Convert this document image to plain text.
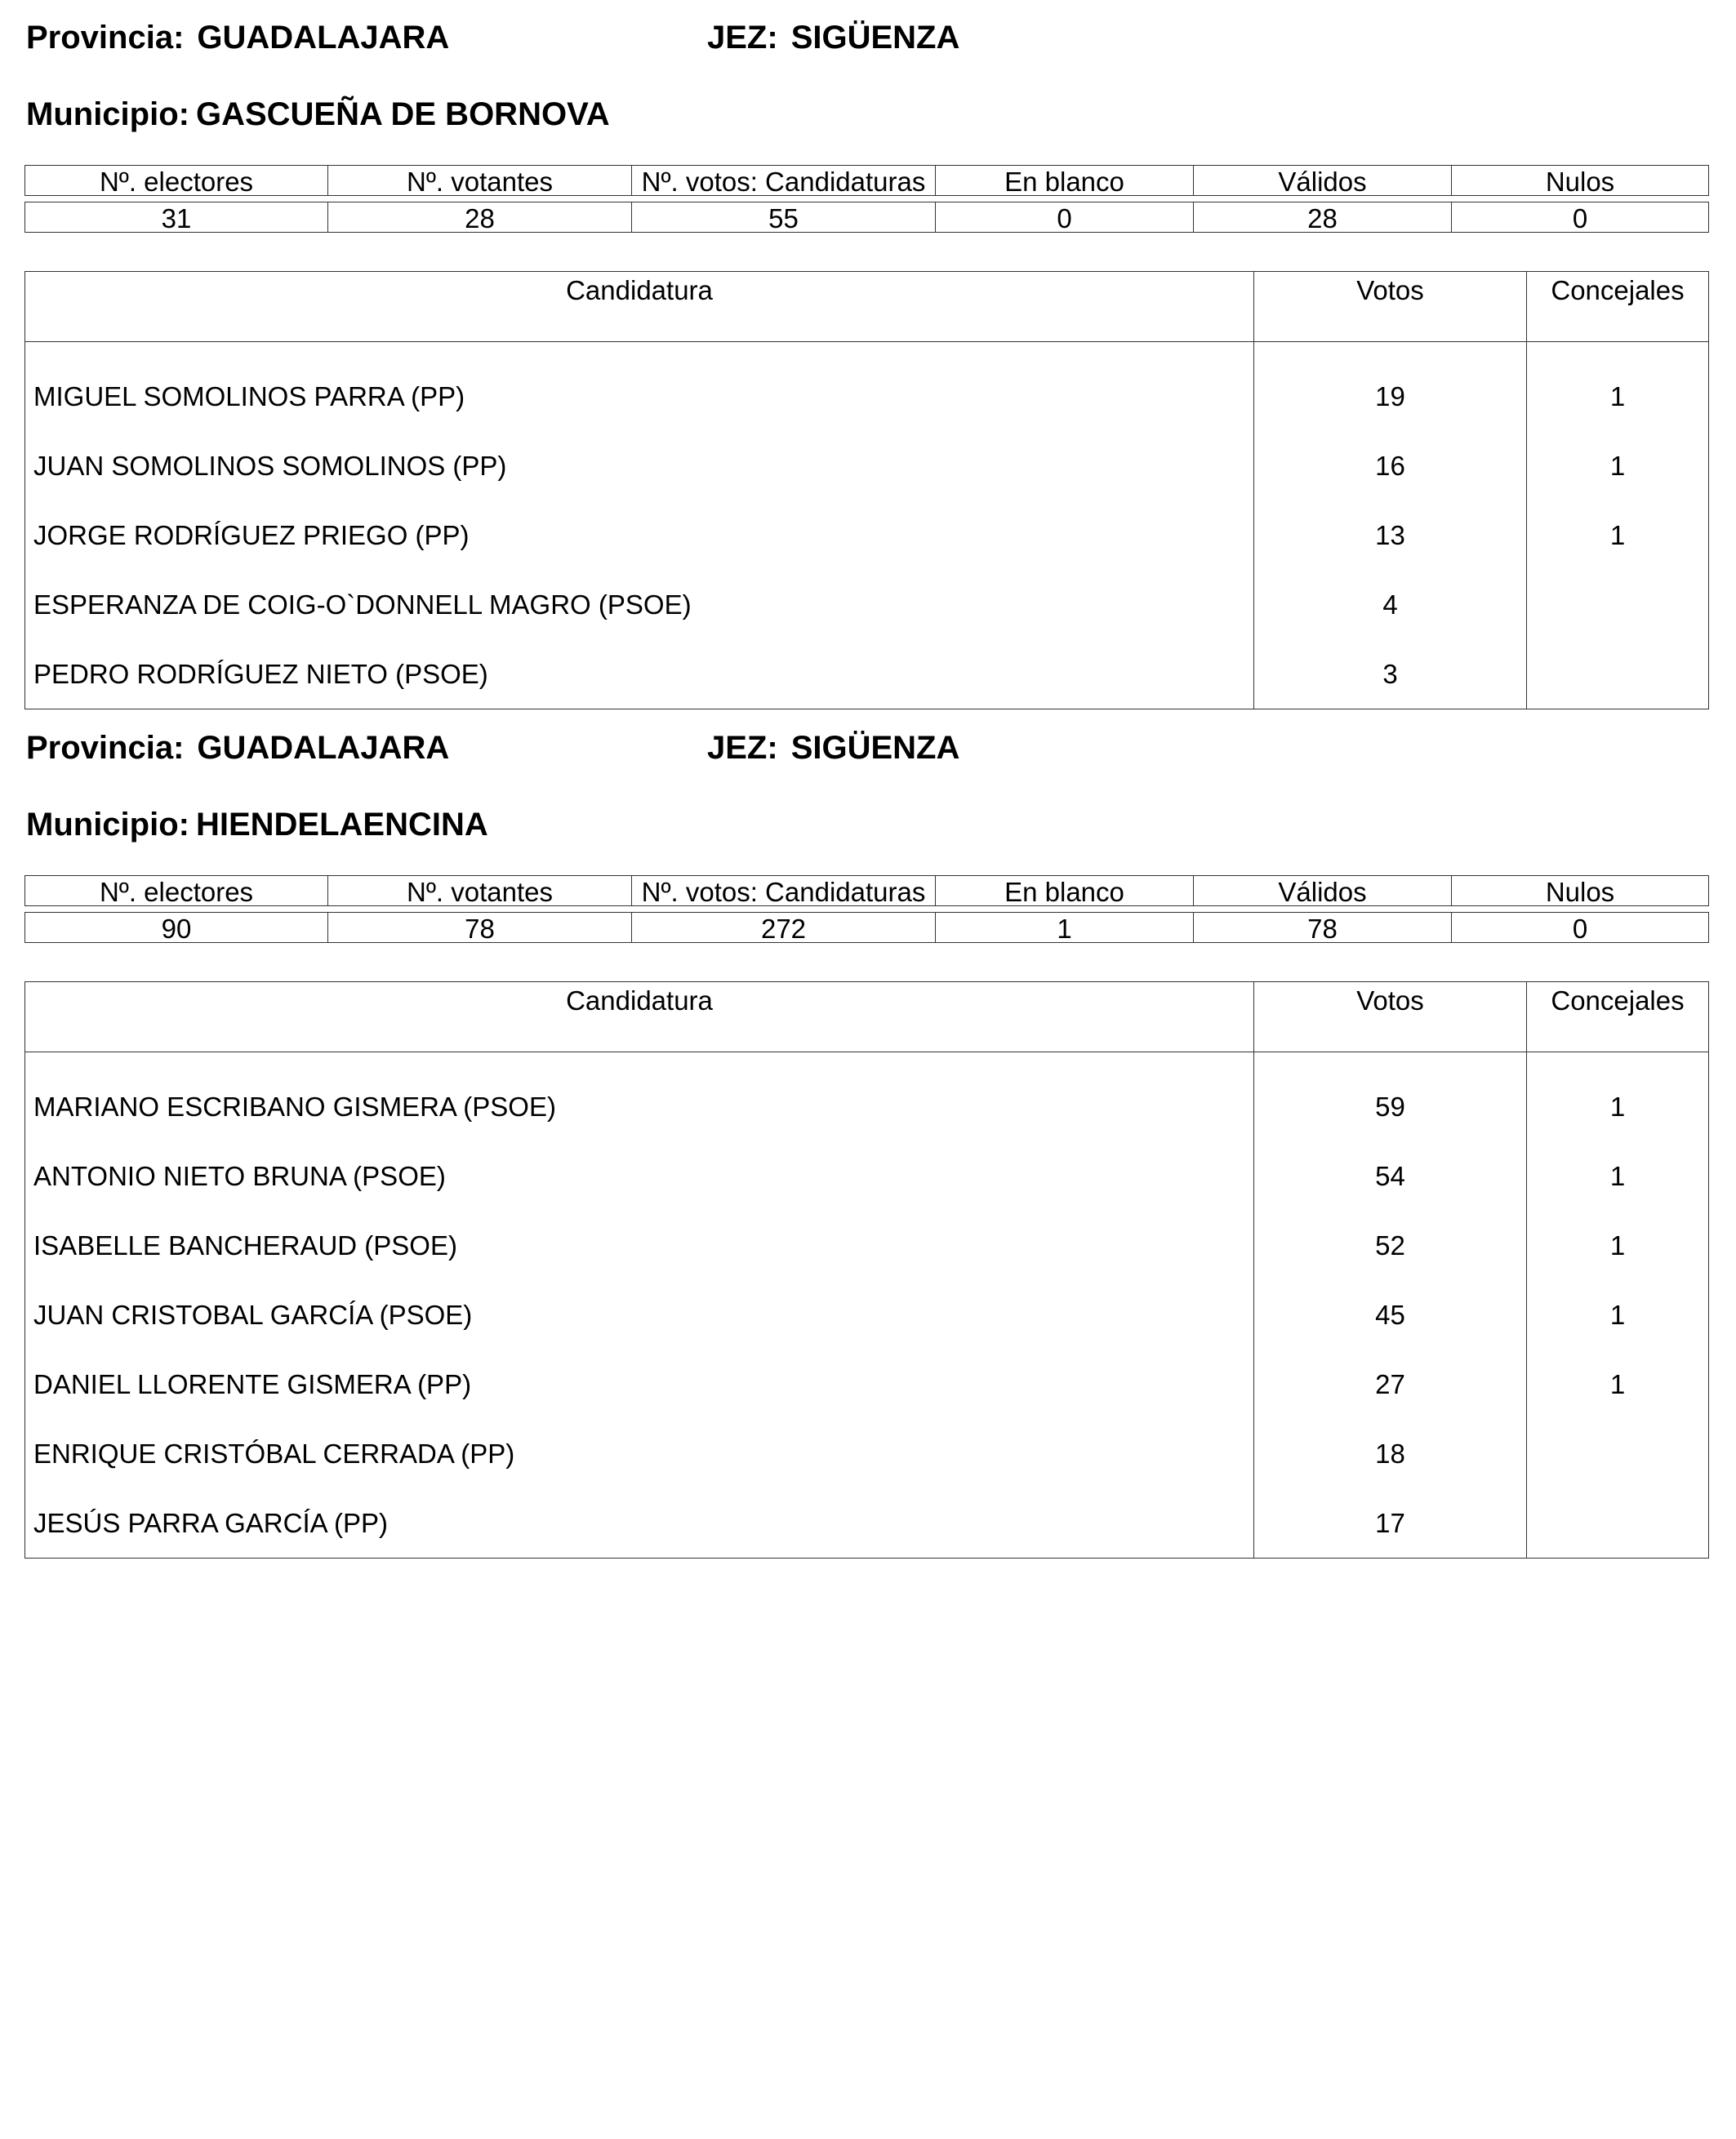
Provincia: GUADALAJARA	JEZ: SIGÜENZA
Municipio: GASCUEÑA DE BORNOVA
Nº. electores	Nº. votantes	Nº. votos: Candidaturas	En blanco	Válidos	Nulos

31	28	55	0	28	0
Candidatura	Votos	Concejales
MIGUEL SOMOLINOS PARRA (PP)	19	1
JUAN SOMOLINOS SOMOLINOS (PP)	16	1
JORGE RODRÍGUEZ PRIEGO (PP)	13	1
ESPERANZA DE COIG-O`DONNELL MAGRO (PSOE)	4	
PEDRO RODRÍGUEZ NIETO (PSOE)	3	
Provincia: GUADALAJARA	JEZ: SIGÜENZA
Municipio: HIENDELAENCINA
Nº. electores	Nº. votantes	Nº. votos: Candidaturas	En blanco	Válidos	Nulos

90	78	272	1	78	0
Candidatura	Votos	Concejales
MARIANO ESCRIBANO GISMERA (PSOE)	59	1
ANTONIO NIETO BRUNA (PSOE)	54	1
ISABELLE BANCHERAUD (PSOE)	52	1
JUAN CRISTOBAL GARCÍA (PSOE)	45	1
DANIEL LLORENTE GISMERA (PP)	27	1
ENRIQUE CRISTÓBAL CERRADA (PP)	18	
JESÚS PARRA GARCÍA (PP)	17	
